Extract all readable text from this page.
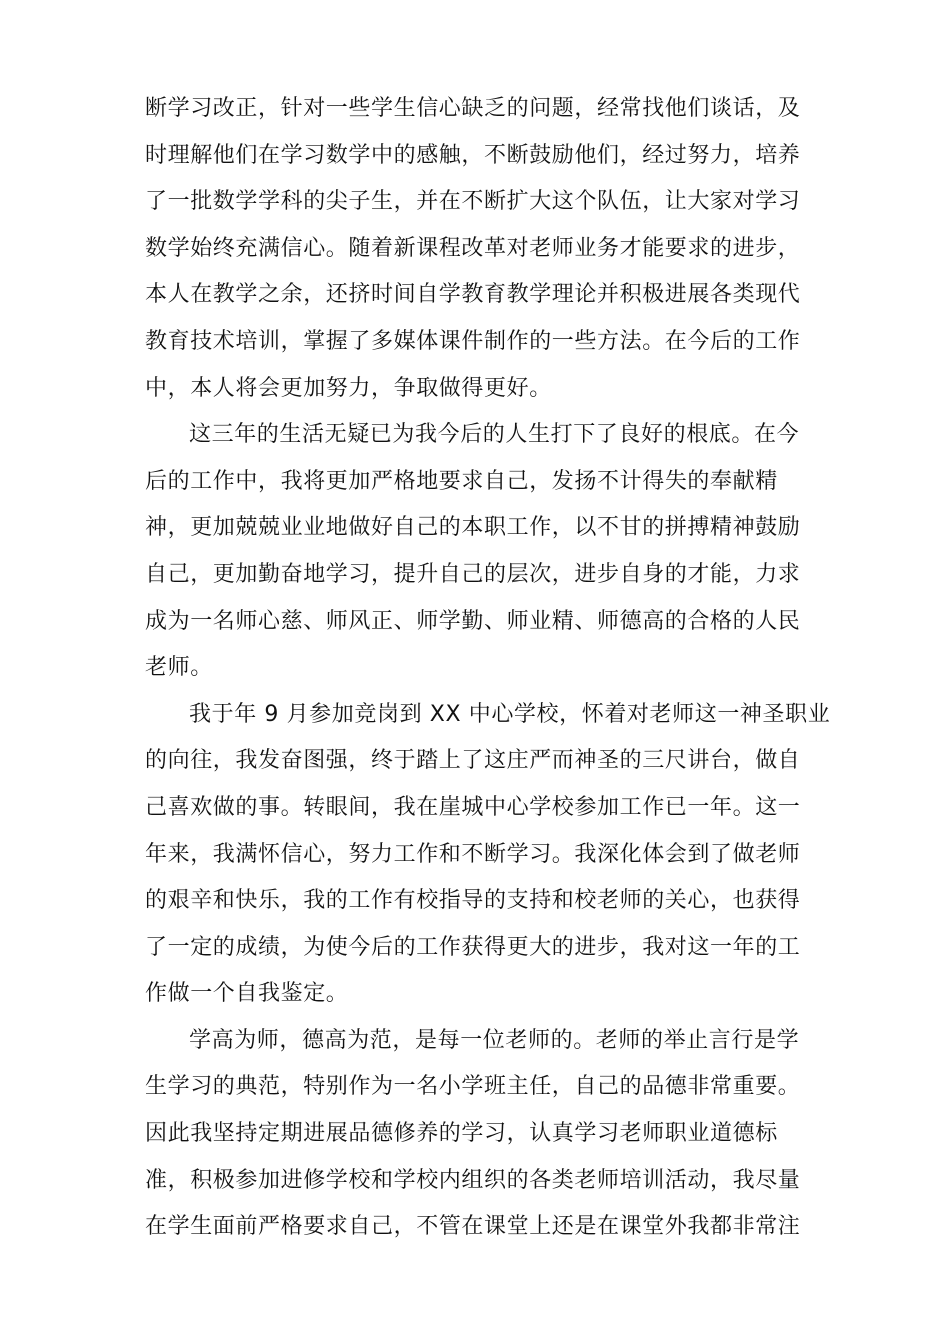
断学习改正，针对一些学生信心缺乏的问题，经常找他们谈话，及
时理解他们在学习数学中的感触，不断鼓励他们，经过努力，培养
了一批数学学科的尖子生，并在不断扩大这个队伍，让大家对学习
数学始终充满信心。随着新课程改革对老师业务才能要求的进步，
本人在教学之余，还挤时间自学教育教学理论并积极进展各类现代
教育技术培训，掌握了多媒体课件制作的一些方法。在今后的工作
中，本人将会更加努力，争取做得更好。
这三年的生活无疑已为我今后的人生打下了良好的根底。在今
后的工作中，我将更加严格地要求自己，发扬不计得失的奉献精
神，更加兢兢业业地做好自己的本职工作，以不甘的拼搏精神鼓励
自己，更加勤奋地学习，提升自己的层次，进步自身的才能，力求
成为一名师心慈、师风正、师学勤、师业精、师德高的合格的人民
老师。
我于年 9 月参加竞岗到 XX 中心学校，怀着对老师这一神圣职业
的向往，我发奋图强，终于踏上了这庄严而神圣的三尺讲台，做自
己喜欢做的事。转眼间，我在崖城中心学校参加工作已一年。这一
年来，我满怀信心，努力工作和不断学习。我深化体会到了做老师
的艰辛和快乐，我的工作有校指导的支持和校老师的关心，也获得
了一定的成绩，为使今后的工作获得更大的进步，我对这一年的工
作做一个自我鉴定。
学高为师，德高为范，是每一位老师的。老师的举止言行是学
生学习的典范，特别作为一名小学班主任，自己的品德非常重要。
因此我坚持定期进展品德修养的学习，认真学习老师职业道德标
准，积极参加进修学校和学校内组织的各类老师培训活动，我尽量
在学生面前严格要求自己，不管在课堂上还是在课堂外我都非常注
